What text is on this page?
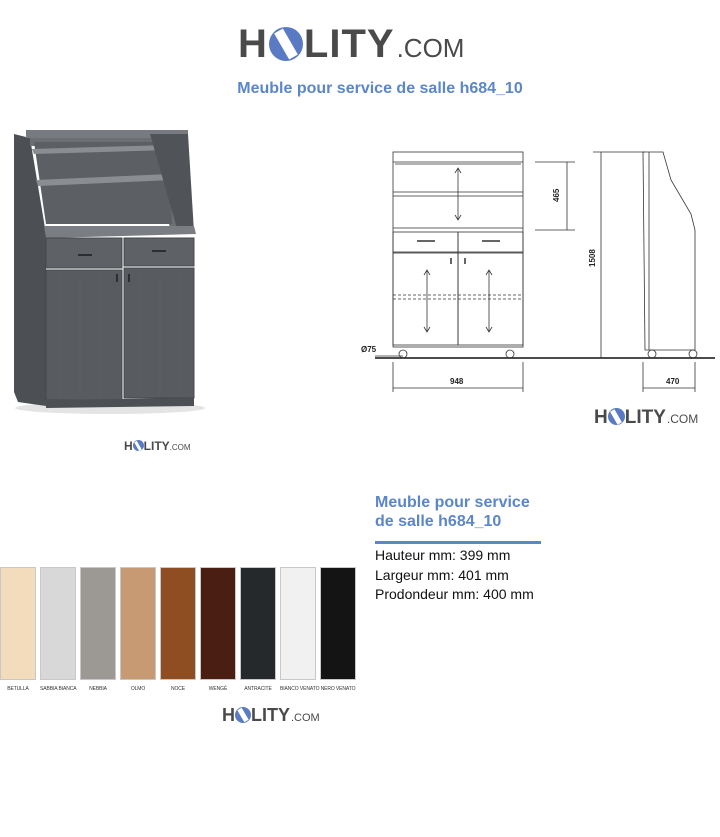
H LITY .COM
Meuble pour service de salle h684_10
465
1508
948	470
Ø75
H LITY .COM
H LITY .COM
Meuble pour service
de salle h684_10
Hauteur mm: 399 mm
Largeur mm: 401 mm
Prodondeur mm: 400 mm
BETULLA	SABBIA BIANCA	NEBBIA	OLMO	NOCE	WENGÈ	ANTRACITE	BIANCO VENATO NERO VENATO
H LITY .COM
